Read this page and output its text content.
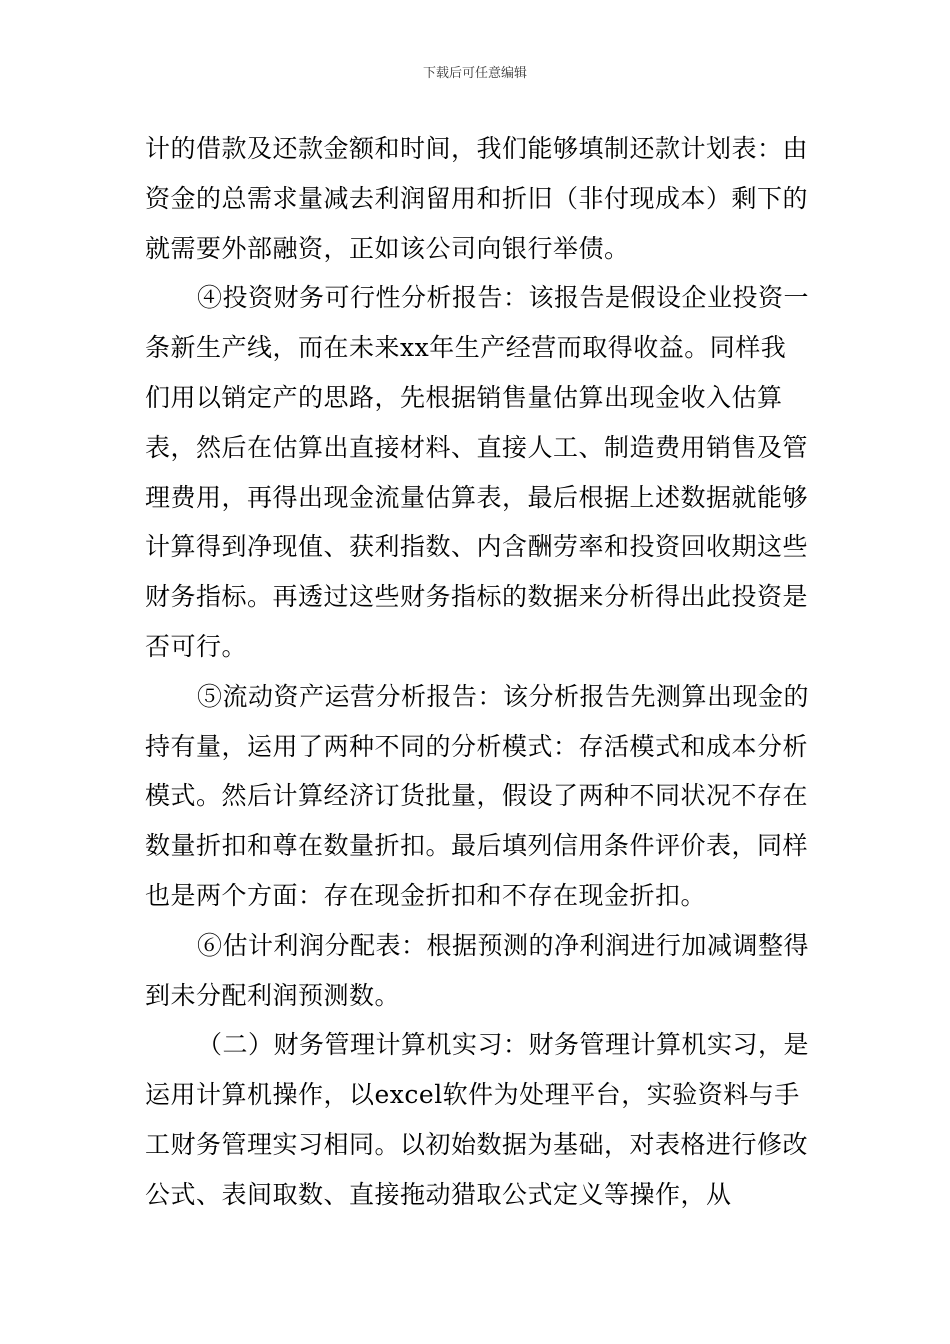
下载后可任意编辑

计的借款及还款金额和时间，我们能够填制还款计划表：由资金的总需求量减去利润留用和折旧（非付现成本）剩下的就需要外部融资，正如该公司向银行举债。

④投资财务可行性分析报告：该报告是假设企业投资一条新生产线，而在未来xx年生产经营而取得收益。同样我们用以销定产的思路，先根据销售量估算出现金收入估算表，然后在估算出直接材料、直接人工、制造费用销售及管理费用，再得出现金流量估算表，最后根据上述数据就能够计算得到净现值、获利指数、内含酬劳率和投资回收期这些财务指标。再透过这些财务指标的数据来分析得出此投资是否可行。

⑤流动资产运营分析报告：该分析报告先测算出现金的持有量，运用了两种不同的分析模式：存活模式和成本分析模式。然后计算经济订货批量，假设了两种不同状况不存在数量折扣和尊在数量折扣。最后填列信用条件评价表，同样也是两个方面：存在现金折扣和不存在现金折扣。

⑥估计利润分配表：根据预测的净利润进行加减调整得到未分配利润预测数。

（二）财务管理计算机实习：财务管理计算机实习，是运用计算机操作，以excel软件为处理平台，实验资料与手工财务管理实习相同。以初始数据为基础，对表格进行修改公式、表间取数、直接拖动猎取公式定义等操作，从
